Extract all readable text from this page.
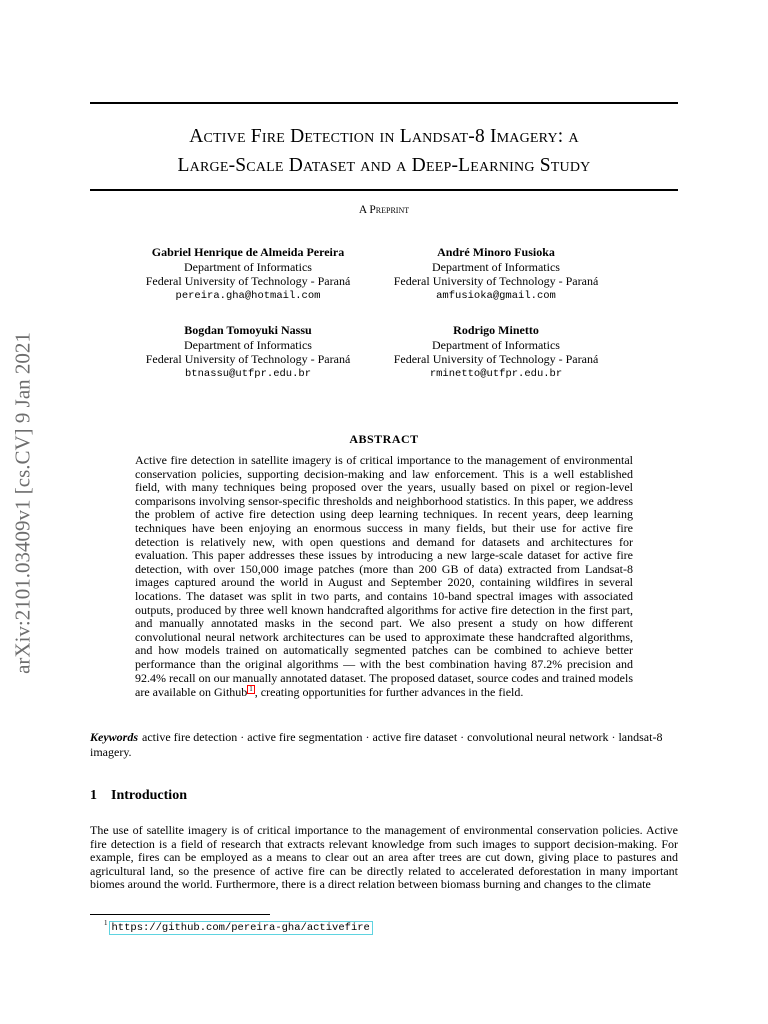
arXiv:2101.03409v1 [cs.CV] 9 Jan 2021
Active Fire Detection in Landsat-8 Imagery: a
Large-Scale Dataset and a Deep-Learning Study
A Preprint
Gabriel Henrique de Almeida Pereira
Department of Informatics
Federal University of Technology - Paraná
pereira.gha@hotmail.com
André Minoro Fusioka
Department of Informatics
Federal University of Technology - Paraná
amfusioka@gmail.com
Bogdan Tomoyuki Nassu
Department of Informatics
Federal University of Technology - Paraná
btnassu@utfpr.edu.br
Rodrigo Minetto
Department of Informatics
Federal University of Technology - Paraná
rminetto@utfpr.edu.br
ABSTRACT

Active fire detection in satellite imagery is of critical importance to the management of environmental conservation policies, supporting decision-making and law enforcement. This is a well established field, with many techniques being proposed over the years, usually based on pixel or region-level comparisons involving sensor-specific thresholds and neighborhood statistics. In this paper, we address the problem of active fire detection using deep learning techniques. In recent years, deep learning techniques have been enjoying an enormous success in many fields, but their use for active fire detection is relatively new, with open questions and demand for datasets and architectures for evaluation. This paper addresses these issues by introducing a new large-scale dataset for active fire detection, with over 150,000 image patches (more than 200 GB of data) extracted from Landsat-8 images captured around the world in August and September 2020, containing wildfires in several locations. The dataset was split in two parts, and contains 10-band spectral images with associated outputs, produced by three well known handcrafted algorithms for active fire detection in the first part, and manually annotated masks in the second part. We also present a study on how different convolutional neural network architectures can be used to approximate these handcrafted algorithms, and how models trained on automatically segmented patches can be combined to achieve better performance than the original algorithms — with the best combination having 87.2% precision and 92.4% recall on our manually annotated dataset. The proposed dataset, source codes and trained models are available on Github 1 , creating opportunities for further advances in the field.

Keywords active fire detection · active fire segmentation · active fire dataset · convolutional neural network · landsat-8 imagery.

1 Introduction

The use of satellite imagery is of critical importance to the management of environmental conservation policies. Active fire detection is a field of research that extracts relevant knowledge from such images to support decision-making. For example, fires can be employed as a means to clear out an area after trees are cut down, giving place to pastures and agricultural land, so the presence of active fire can be directly related to accelerated deforestation in many important biomes around the world. Furthermore, there is a direct relation between biomass burning and changes to the climate

$^1$ https://github.com/pereira-gha/activefire
